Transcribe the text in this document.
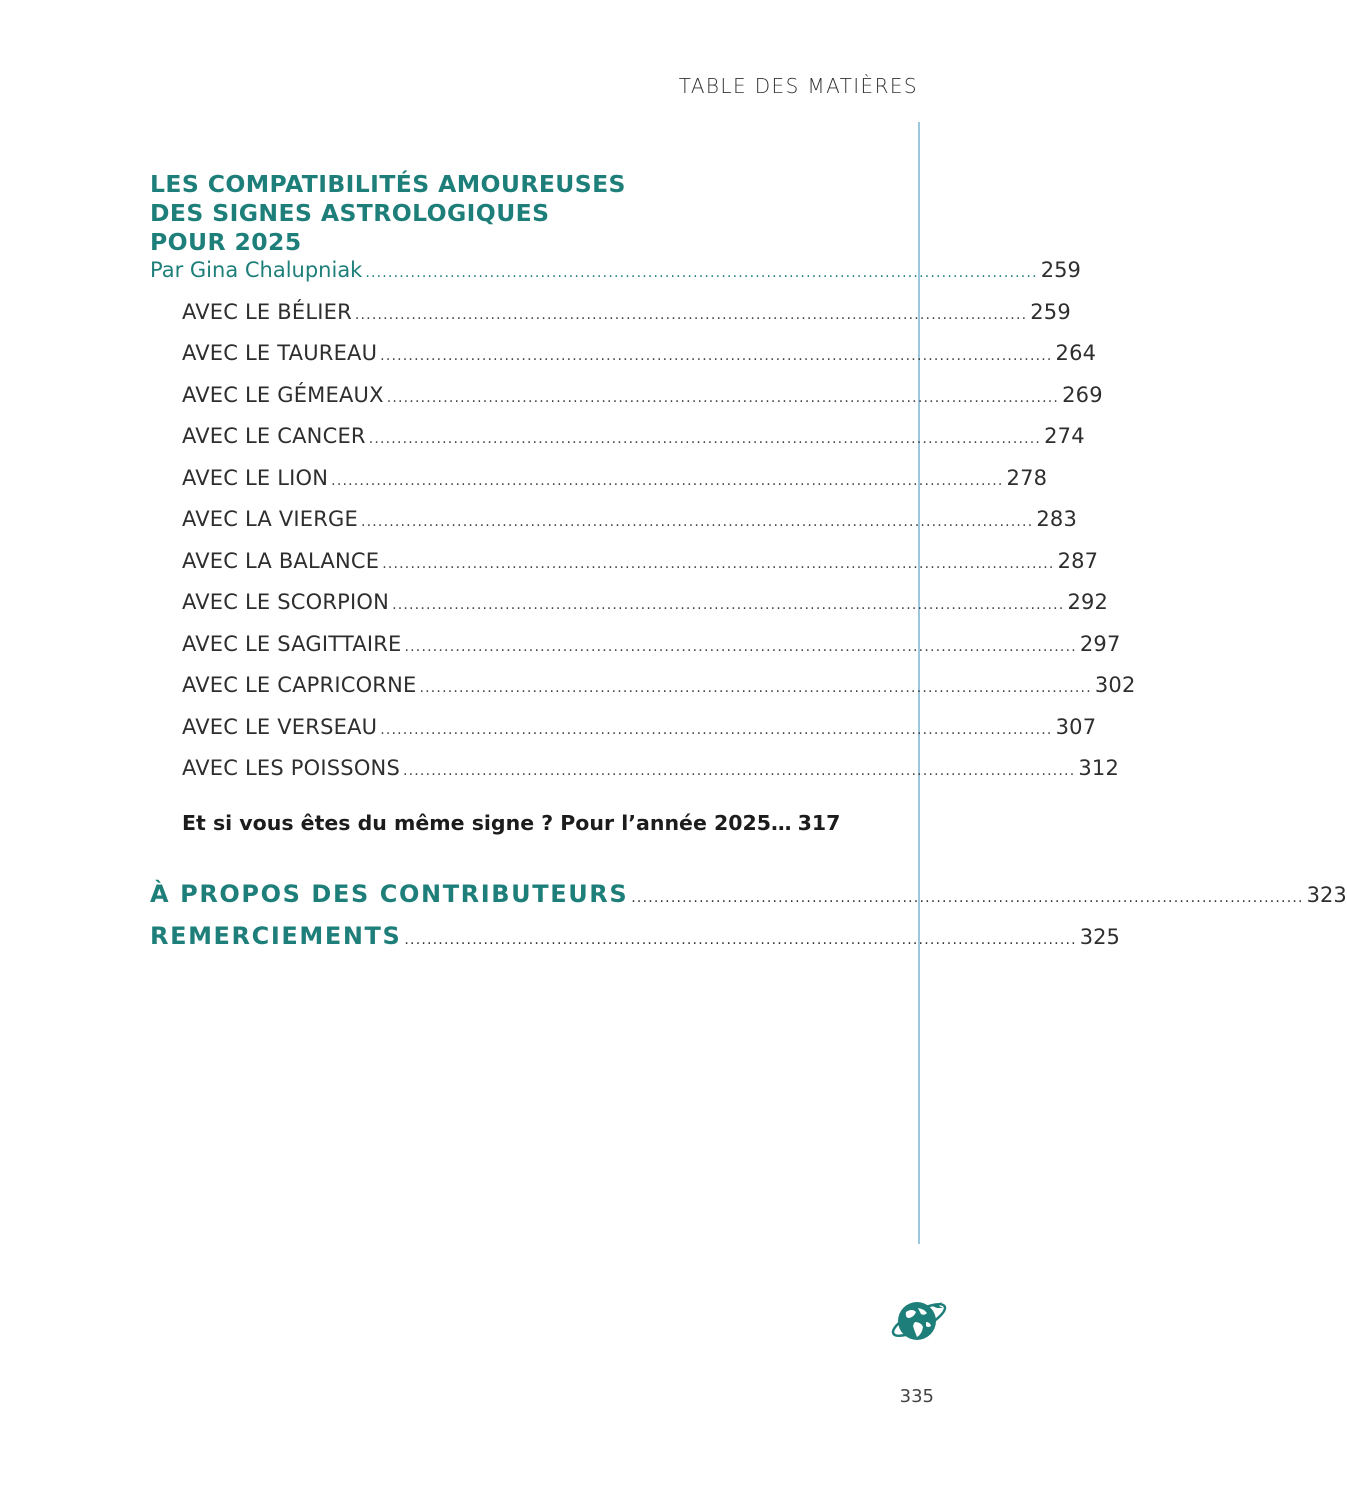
TABLE DES MATIÈRES
LES COMPATIBILITÉS AMOUREUSES
DES SIGNES ASTROLOGIQUES
POUR 2025
Par Gina Chalupniak ....................................................................................................................... 259
AVEC LE BÉLIER ....................................................................................................................... 259
AVEC LE TAUREAU ....................................................................................................................... 264
AVEC LE GÉMEAUX ....................................................................................................................... 269
AVEC LE CANCER ....................................................................................................................... 274
AVEC LE LION ....................................................................................................................... 278
AVEC LA VIERGE ....................................................................................................................... 283
AVEC LA BALANCE ....................................................................................................................... 287
AVEC LE SCORPION ....................................................................................................................... 292
AVEC LE SAGITTAIRE ....................................................................................................................... 297
AVEC LE CAPRICORNE ....................................................................................................................... 302
AVEC LE VERSEAU ....................................................................................................................... 307
AVEC LES POISSONS ....................................................................................................................... 312
Et si vous êtes du même signe ? Pour l’année 2025… 317
À PROPOS DES CONTRIBUTEURS ....................................................................................................................... 323
REMERCIEMENTS ....................................................................................................................... 325
335
